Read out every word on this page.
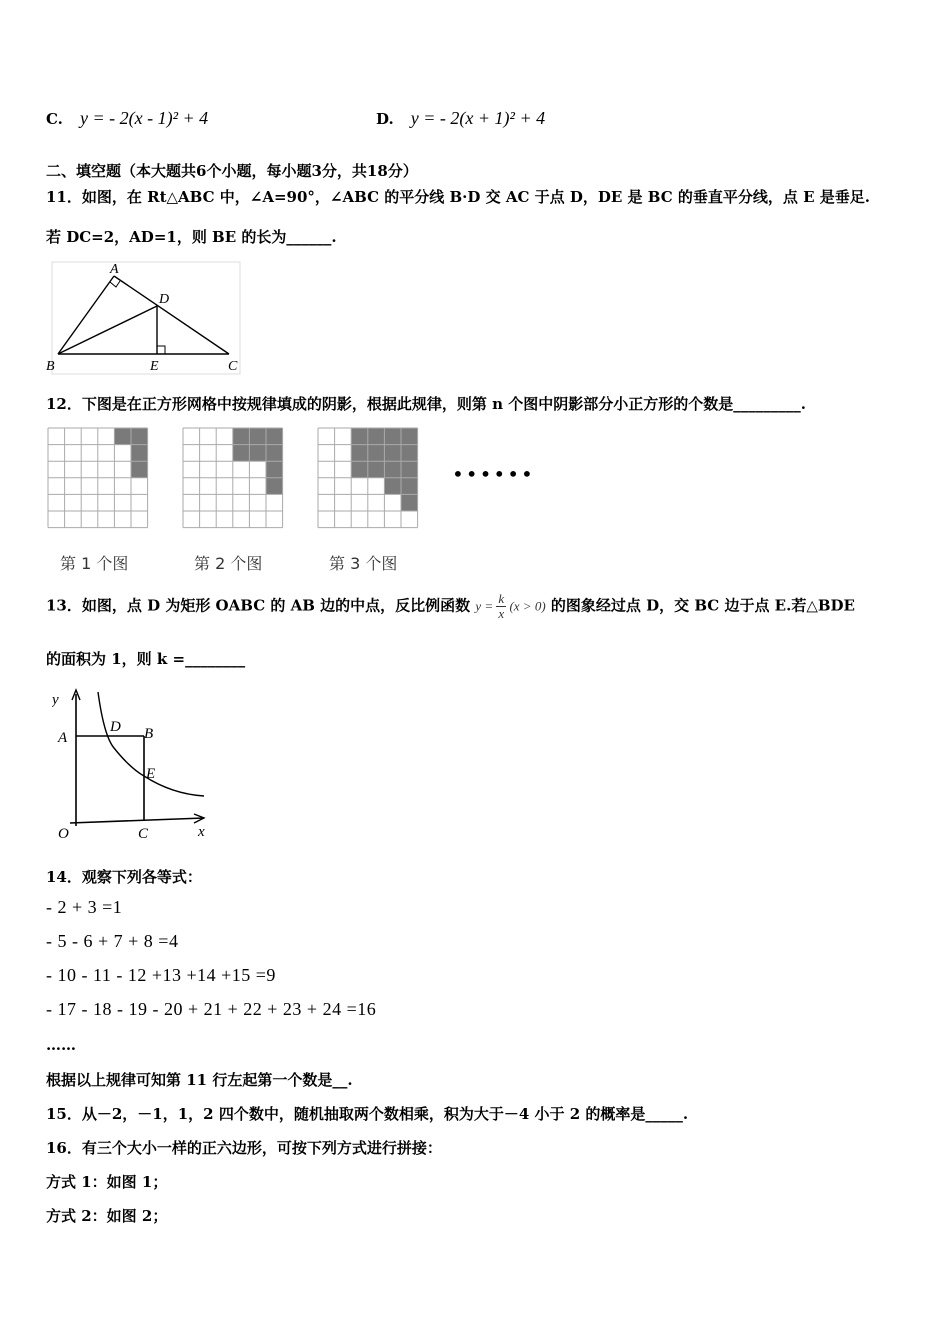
C. y = - 2(x - 1)² + 4	D. y = - 2(x + 1)² + 4
二、填空题（本大题共6个小题，每小题3分，共18分）
11．如图，在 Rt△ABC 中，∠A=90°，∠ABC 的平分线 B·D 交 AC 于点 D，DE 是 BC 的垂直平分线，点 E 是垂足.
若 DC=2，AD=1，则 BE 的长为______.
A
B	C
D
E
12．下图是在正方形网格中按规律填成的阴影，根据此规律，则第 n 个图中阴影部分小正方形的个数是_________.
••••••
第 1 个图	第 2 个图	第 3 个图
13．如图，点 D 为矩形 OABC 的 AB 边的中点，反比例函数 $y = \frac{k}{x} (x > 0)$ 的图象经过点 D，交 BC 边于点 E.若△BDE
的面积为 1，则 k =________
y
A
D B
E
O	C	x
14．观察下列各等式：
- 2 + 3 =1
- 5 - 6 + 7 + 8 =4
- 10 - 11 - 12 +13 +14 +15 =9
- 17 - 18 - 19 - 20 + 21 + 22 + 23 + 24 =16
……
根据以上规律可知第 11 行左起第一个数是__.
15．从－2，－1，1，2 四个数中，随机抽取两个数相乘，积为大于－4 小于 2 的概率是_____.
16．有三个大小一样的正六边形，可按下列方式进行拼接：
方式 1：如图 1；
方式 2：如图 2；
